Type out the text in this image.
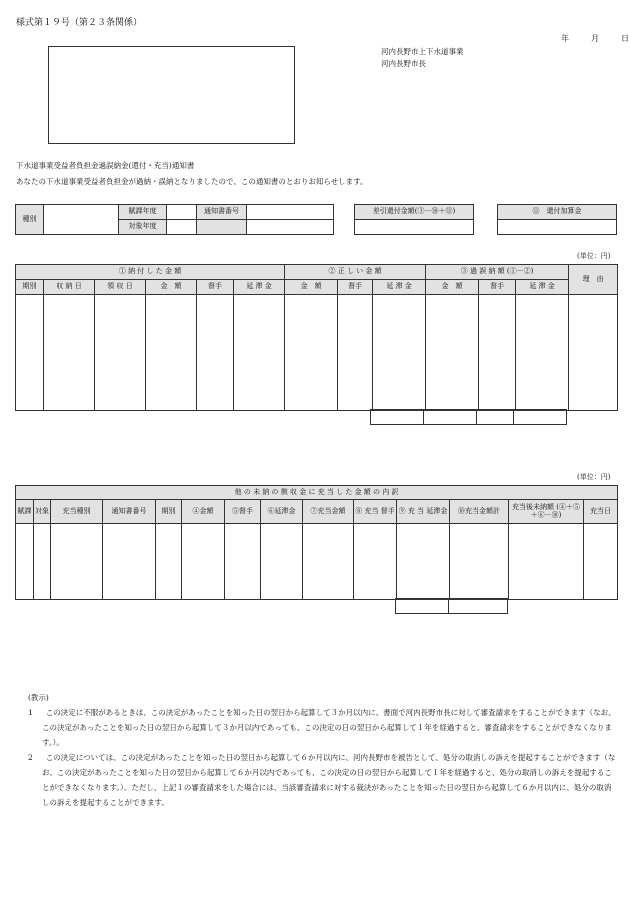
様式第１９号（第２３条関係）
年	月	日
河内長野市上下水道事業
河内長野市長
下水道事業受益者負担金過誤納金(還付・充当)通知書
あなたの下水道事業受益者負担金が過納・誤納となりましたので、この通知書のとおりお知らせします。
種別		賦課年度		通知書番号	
		対象年度			
差引還付金額(③－⑩＋⑪)	⑪　還付加算金

(単位：円)
① 納 付 し た 金 額						② 正 し い 金 額			③ 過 誤 納 額 (①－②)			理　由
期別	収 納 日	領 収 日	金　額	督手	延 滞 金	金　額	督手	延 滞 金	金　額	督手	延 滞 金	

(単位：円)
他 の 未 納 の 徴 収 金 に 充 当 し た 金 額 の 内 訳													
賦課	対象	充当種別	通知書番号	期別	④金額	⑤督手	⑥延滞金	⑦充当金額	⑧ 充当 督手	⑨ 充 当 延滞金	⑩充当金額計	充当後未納額 (④＋⑤＋⑥－⑩)	充当日

(教示)
1	この決定に不服があるときは、この決定があったことを知った日の翌日から起算して３か月以内に、書面で河内長野市長に対して審査請求をすることができます（なお、この決定があったことを知った日の翌日から起算して３か月以内であっても、この決定の日の翌日から起算して１年を経過すると、審査請求をすることができなくなります。）。
2	この決定については、この決定があったことを知った日の翌日から起算して６か月以内に、河内長野市を被告として、処分の取消しの訴えを提起することができます（なお、この決定があったことを知った日の翌日から起算して６か月以内であっても、この決定の日の翌日から起算して１年を経過すると、処分の取消しの訴えを提起することができなくなります。）。ただし、上記１の審査請求をした場合には、当該審査請求に対する裁決があったことを知った日の翌日から起算して６か月以内に、処分の取消しの訴えを提起することができます。
